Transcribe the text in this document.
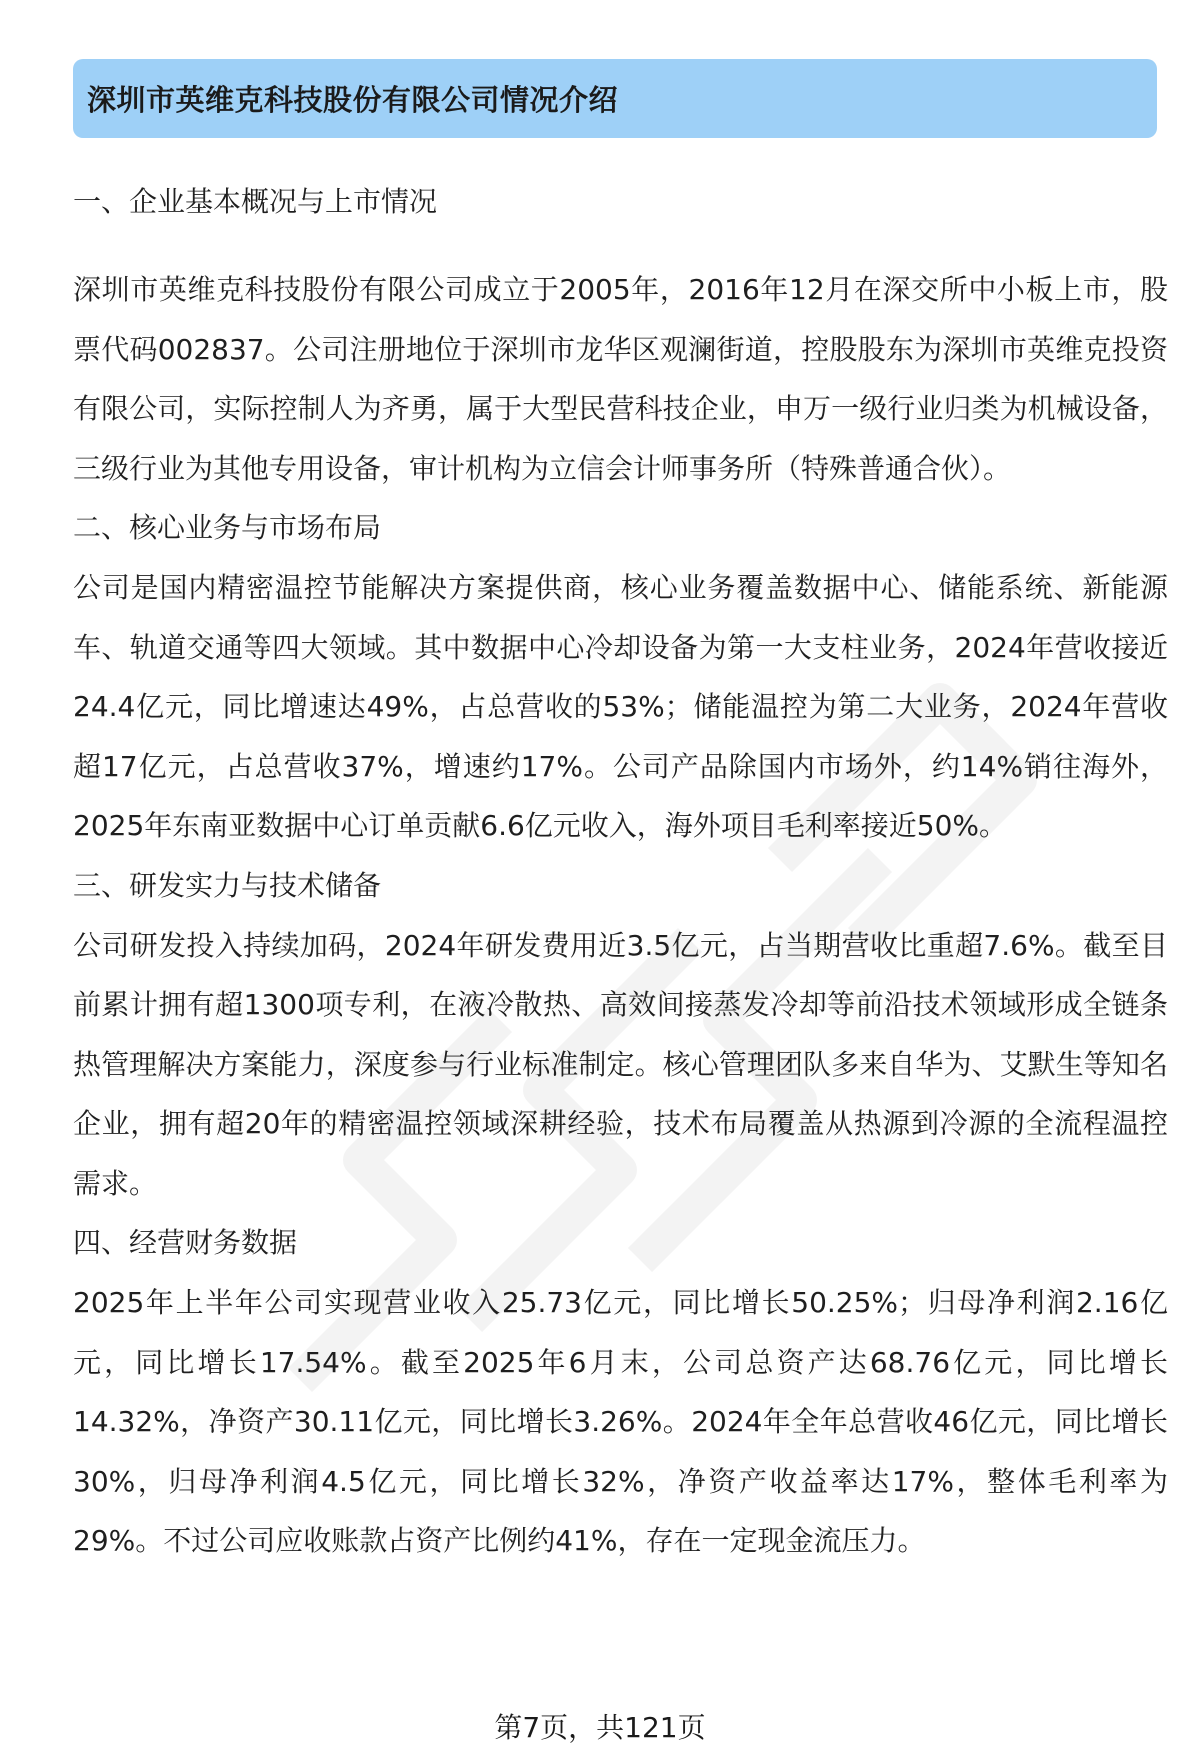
深圳市英维克科技股份有限公司情况介绍
一、企业基本概况与上市情况
深圳市英维克科技股份有限公司成立于2005年，2016年12月在深交所中小板上市，股票代码002837。公司注册地位于深圳市龙华区观澜街道，控股股东为深圳市英维克投资有限公司，实际控制人为齐勇，属于大型民营科技企业，申万一级行业归类为机械设备，三级行业为其他专用设备，审计机构为立信会计师事务所（特殊普通合伙）。
二、核心业务与市场布局
公司是国内精密温控节能解决方案提供商，核心业务覆盖数据中心、储能系统、新能源车、轨道交通等四大领域。其中数据中心冷却设备为第一大支柱业务，2024年营收接近24.4亿元，同比增速达49%，占总营收的53%；储能温控为第二大业务，2024年营收超17亿元，占总营收37%，增速约17%。公司产品除国内市场外，约14%销往海外，2025年东南亚数据中心订单贡献6.6亿元收入，海外项目毛利率接近50%。
三、研发实力与技术储备
公司研发投入持续加码，2024年研发费用近3.5亿元，占当期营收比重超7.6%。截至目前累计拥有超1300项专利，在液冷散热、高效间接蒸发冷却等前沿技术领域形成全链条热管理解决方案能力，深度参与行业标准制定。核心管理团队多来自华为、艾默生等知名企业，拥有超20年的精密温控领域深耕经验，技术布局覆盖从热源到冷源的全流程温控需求。
四、经营财务数据
2025年上半年公司实现营业收入25.73亿元，同比增长50.25%；归母净利润2.16亿元，同比增长17.54%。截至2025年6月末，公司总资产达68.76亿元，同比增长14.32%，净资产30.11亿元，同比增长3.26%。2024年全年总营收46亿元，同比增长30%，归母净利润4.5亿元，同比增长32%，净资产收益率达17%，整体毛利率为29%。不过公司应收账款占资产比例约41%，存在一定现金流压力。
第7页，共121页
